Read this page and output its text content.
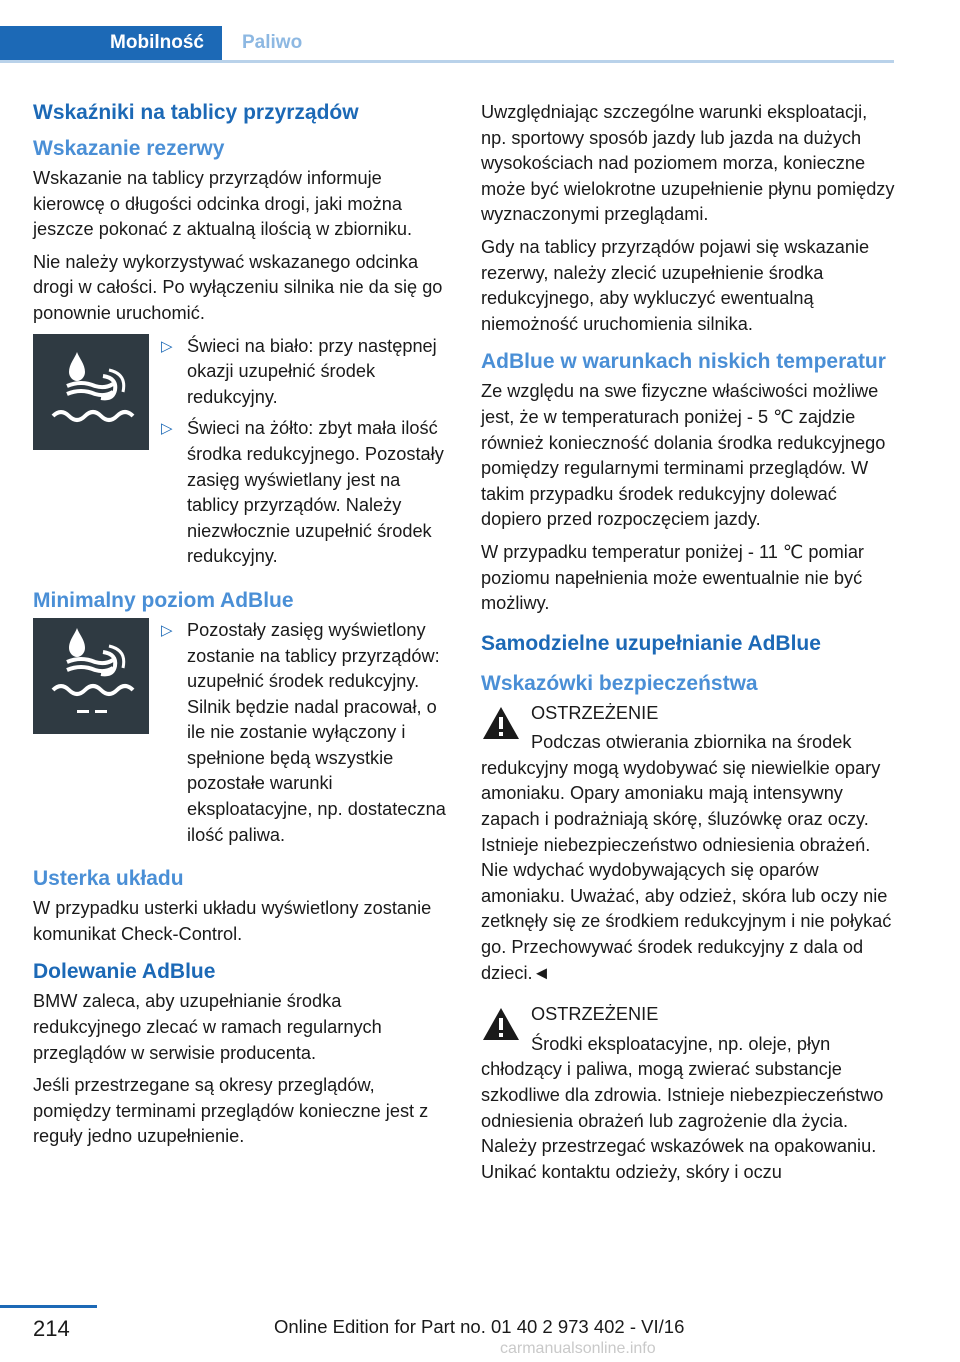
Mobilność	Paliwo
Wskaźniki na tablicy przyrządów
Wskazanie rezerwy

Wskazanie na tablicy przyrządów informuje kierowcę o długości odcinka drogi, jaki można jeszcze pokonać z aktualną ilością w zbiorniku.

Nie należy wykorzystywać wskazanego odcinka drogi w całości. Po wyłączeniu silnika nie da się go ponownie uruchomić.

▷ Świeci na biało: przy następnej okazji uzupełnić środek redukcyjny.
▷ Świeci na żółto: zbyt mała ilość środka redukcyjnego. Pozostały zasięg wyświetlany jest na tablicy przyrządów. Należy niezwłocznie uzupełnić środek redukcyjny.
Minimalny poziom AdBlue
▷ Pozostały zasięg wyświetlony zostanie na tablicy przyrządów: uzupełnić środek redukcyjny. Silnik będzie nadal pracował, o ile nie zostanie wyłączony i spełnione będą wszystkie pozostałe warunki eksploatacyjne, np. dostateczna ilość paliwa.
Usterka układu

W przypadku usterki układu wyświetlony zostanie komunikat Check-Control.

Dolewanie AdBlue

BMW zaleca, aby uzupełnianie środka redukcyjnego zlecać w ramach regularnych przeglądów w serwisie producenta.

Jeśli przestrzegane są okresy przeglądów, pomiędzy terminami przeglądów konieczne jest z reguły jedno uzupełnienie.

Uwzględniając szczególne warunki eksploatacji, np. sportowy sposób jazdy lub jazda na dużych wysokościach nad poziomem morza, konieczne może być wielokrotne uzupełnienie płynu pomiędzy wyznaczonymi przeglądami.

Gdy na tablicy przyrządów pojawi się wskazanie rezerwy, należy zlecić uzupełnienie środka redukcyjnego, aby wykluczyć ewentualną niemożność uruchomienia silnika.

AdBlue w warunkach niskich temperatur

Ze względu na swe fizyczne właściwości możliwe jest, że w temperaturach poniżej - 5 ℃ zajdzie również konieczność dolania środka redukcyjnego pomiędzy regularnymi terminami przeglądów. W takim przypadku środek redukcyjny dolewać dopiero przed rozpoczęciem jazdy.

W przypadku temperatur poniżej - 11 ℃ pomiar poziomu napełnienia może ewentualnie nie być możliwy.

Samodzielne uzupełnianie AdBlue
Wskazówki bezpieczeństwa
OSTRZEŻENIE
Podczas otwierania zbiornika na środek
redukcyjny mogą wydobywać się niewielkie opary amoniaku. Opary amoniaku mają intensywny zapach i podrażniają skórę, śluzówkę oraz oczy. Istnieje niebezpieczeństwo odniesienia obrażeń. Nie wdychać wydobywających się oparów amoniaku. Uważać, aby odzież, skóra lub oczy nie zetknęły się ze środkiem redukcyjnym i nie połykać go. Przechowywać środek redukcyjny z dala od dzieci.◄
OSTRZEŻENIE
Środki eksploatacyjne, np. oleje, płyn
chłodzący i paliwa, mogą zwierać substancje szkodliwe dla zdrowia. Istnieje niebezpieczeństwo odniesienia obrażeń lub zagrożenie dla życia. Należy przestrzegać wskazówek na opakowaniu. Unikać kontaktu odzieży, skóry i oczu
214	Online Edition for Part no. 01 40 2 973 402 - VI/16
carmanualsonline.info
